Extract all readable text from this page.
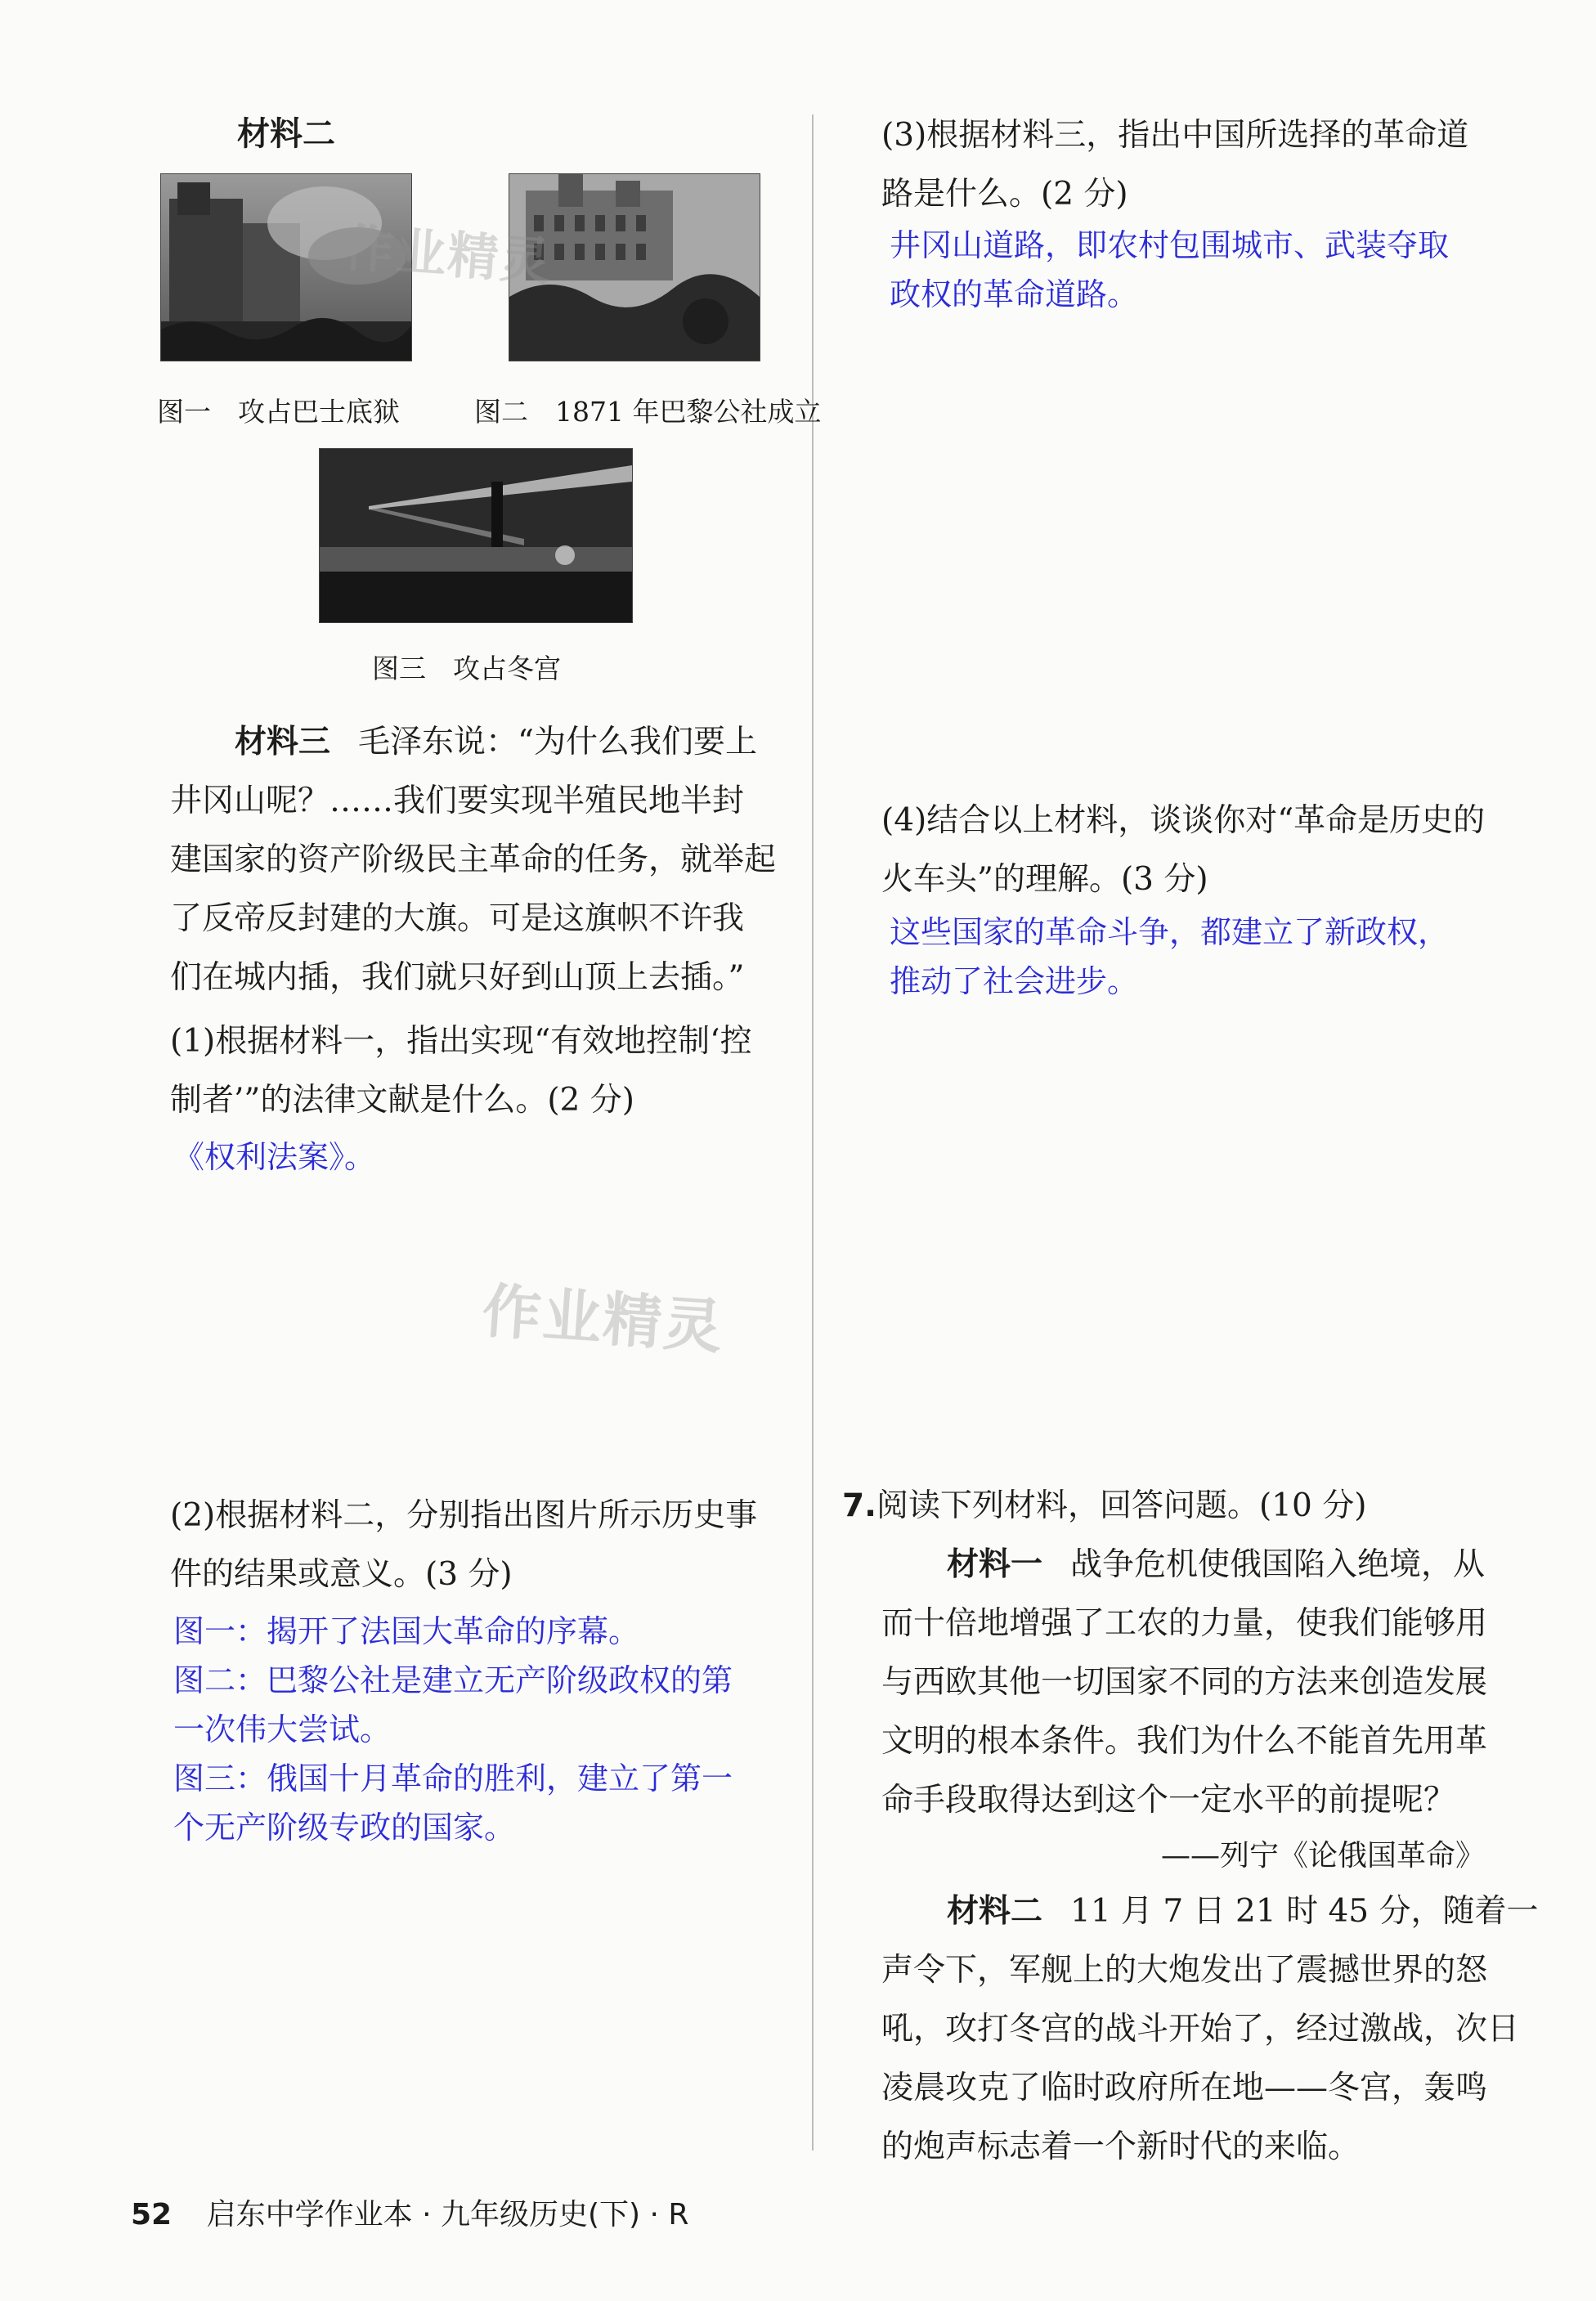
材料二
图一　攻占巴士底狱	图二　1871 年巴黎公社成立
图三　攻占冬宫
材料三 毛泽东说：“为什么我们要上
井冈山呢？……我们要实现半殖民地半封
建国家的资产阶级民主革命的任务，就举起
了反帝反封建的大旗。可是这旗帜不许我
们在城内插，我们就只好到山顶上去插。”
(1)根据材料一，指出实现“有效地控制‘控
制者’”的法律文献是什么。(2 分)
《权利法案》。
作业精灵
(2)根据材料二，分别指出图片所示历史事
件的结果或意义。(3 分)
图一：揭开了法国大革命的序幕。
图二：巴黎公社是建立无产阶级政权的第
一次伟大尝试。
图三：俄国十月革命的胜利，建立了第一
个无产阶级专政的国家。
(3)根据材料三，指出中国所选择的革命道
路是什么。(2 分)
井冈山道路，即农村包围城市、武装夺取
政权的革命道路。
作业精灵
(4)结合以上材料，谈谈你对“革命是历史的
火车头”的理解。(3 分)
这些国家的革命斗争，都建立了新政权，
推动了社会进步。
7.阅读下列材料，回答问题。(10 分)
材料一 战争危机使俄国陷入绝境，从
而十倍地增强了工农的力量，使我们能够用
与西欧其他一切国家不同的方法来创造发展
文明的根本条件。我们为什么不能首先用革
命手段取得达到这个一定水平的前提呢？
——列宁《论俄国革命》
材料二 11 月 7 日 21 时 45 分，随着一
声令下，军舰上的大炮发出了震撼世界的怒
吼，攻打冬宫的战斗开始了，经过激战，次日
凌晨攻克了临时政府所在地——冬宫，轰鸣
的炮声标志着一个新时代的来临。
52 启东中学作业本 · 九年级历史(下) · R
